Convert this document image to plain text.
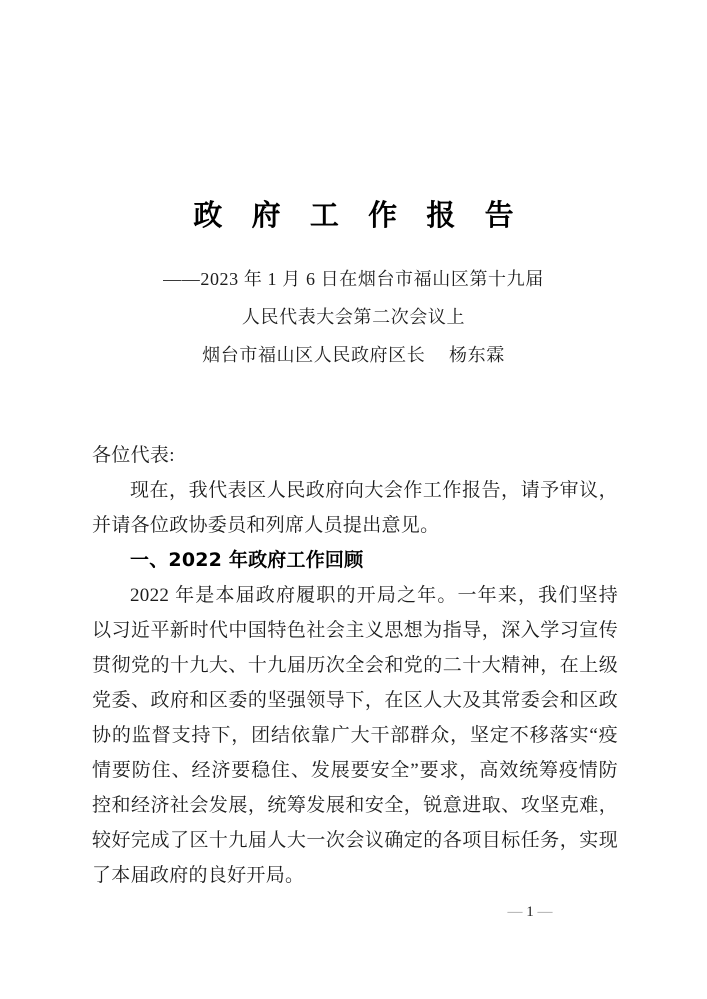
政 府 工 作 报 告
——2023 年 1 月 6 日在烟台市福山区第十九届
人民代表大会第二次会议上
烟台市福山区人民政府区长　 杨东霖

各位代表:

现在，我代表区人民政府向大会作工作报告，请予审议，并请各位政协委员和列席人员提出意见。

一、2022 年政府工作回顾

2022 年是本届政府履职的开局之年。一年来，我们坚持以习近平新时代中国特色社会主义思想为指导，深入学习宣传贯彻党的十九大、十九届历次全会和党的二十大精神，在上级党委、政府和区委的坚强领导下，在区人大及其常委会和区政协的监督支持下，团结依靠广大干部群众，坚定不移落实“疫情要防住、经济要稳住、发展要安全”要求，高效统筹疫情防控和经济社会发展，统筹发展和安全，锐意进取、攻坚克难，较好完成了区十九届人大一次会议确定的各项目标任务，实现了本届政府的良好开局。

— 1 —
